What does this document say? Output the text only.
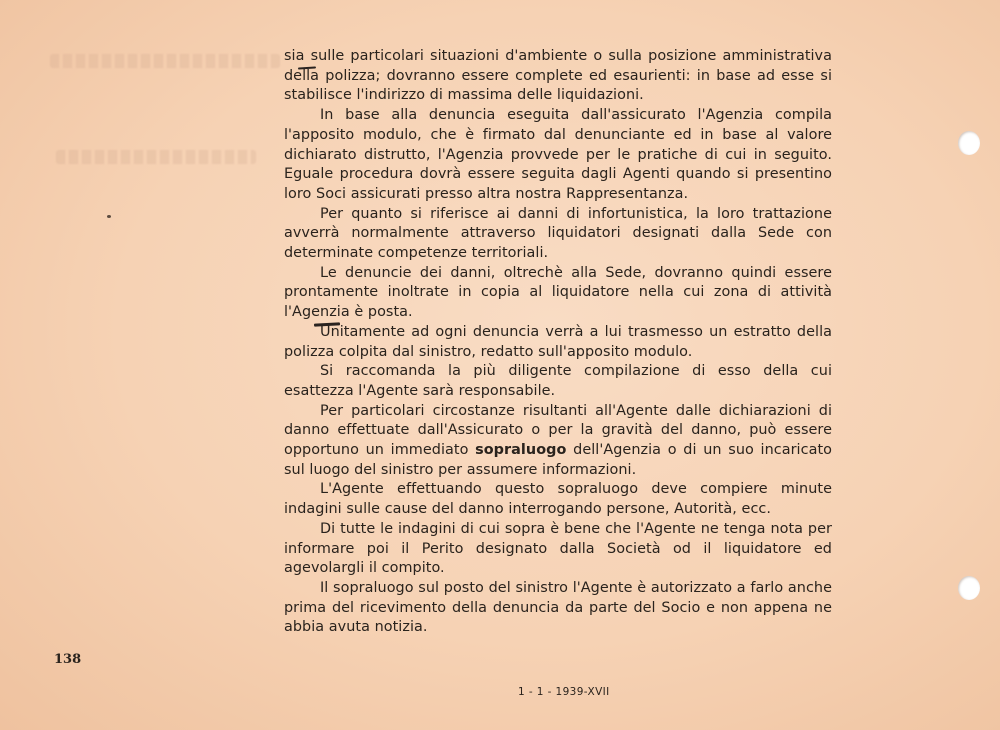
sia sulle particolari situazioni d'ambiente o sulla posizione amministrativa della polizza; dovranno essere complete ed esaurienti: in base ad esse si stabilisce l'indirizzo di massima delle liquidazioni.

In base alla denuncia eseguita dall'assicurato l'Agenzia compila l'apposito modulo, che è firmato dal denunciante ed in base al valore dichiarato distrutto, l'Agenzia provvede per le pratiche di cui in seguito. Eguale procedura dovrà essere seguita dagli Agenti quando si presentino loro Soci assicurati presso altra nostra Rappresentanza.

Per quanto si riferisce ai danni di infortunistica, la loro trattazione avverrà normalmente attraverso liquidatori designati dalla Sede con determinate competenze territoriali.

Le denuncie dei danni, oltrechè alla Sede, dovranno quindi essere prontamente inoltrate in copia al liquidatore nella cui zona di attività l'Agenzia è posta.

Unitamente ad ogni denuncia verrà a lui trasmesso un estratto della polizza colpita dal sinistro, redatto sull'apposito modulo.

Si raccomanda la più diligente compilazione di esso della cui esattezza l'Agente sarà responsabile.

Per particolari circostanze risultanti all'Agente dalle dichiarazioni di danno effettuate dall'Assicurato o per la gravità del danno, può essere opportuno un immediato sopraluogo dell'Agenzia o di un suo incaricato sul luogo del sinistro per assumere informazioni.

L'Agente effettuando questo sopraluogo deve compiere minute indagini sulle cause del danno interrogando persone, Autorità, ecc.

Di tutte le indagini di cui sopra è bene che l'Agente ne tenga nota per informare poi il Perito designato dalla Società od il liquidatore ed agevolargli il compito.

Il sopraluogo sul posto del sinistro l'Agente è autorizzato a farlo anche prima del ricevimento della denuncia da parte del Socio e non appena ne abbia avuta notizia.

138
1 - 1 - 1939-XVII
